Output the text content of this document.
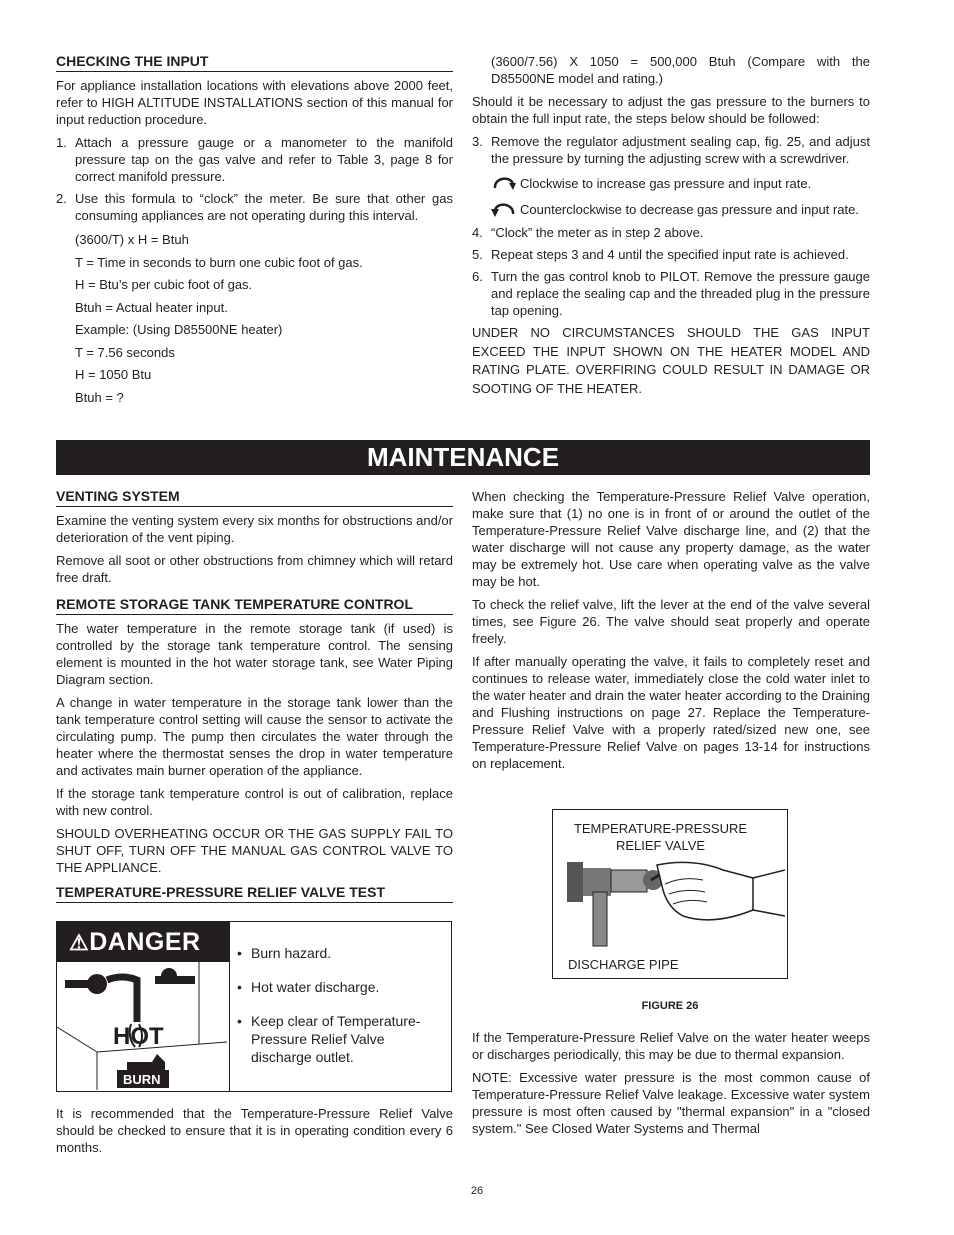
CHECKING THE INPUT

For appliance installation locations with elevations above 2000 feet, refer to HIGH ALTITUDE INSTALLATIONS section of this manual for input reduction procedure.

1. Attach a pressure gauge or a manometer to the manifold pressure tap on the gas valve and refer to Table 3, page 8 for correct manifold pressure.
2. Use this formula to “clock” the meter. Be sure that other gas consuming appliances are not operating during this interval.
(3600/T) x H = Btuh
T = Time in seconds to burn one cubic foot of gas.
H = Btu’s per cubic foot of gas.
Btuh = Actual heater input.
Example: (Using D85500NE heater)
T = 7.56 seconds
H = 1050 Btu
Btuh = ?

(3600/7.56) X 1050 = 500,000 Btuh (Compare with the D85500NE model and rating.)

Should it be necessary to adjust the gas pressure to the burners to obtain the full input rate, the steps below should be followed:

3. Remove the regulator adjustment sealing cap, fig. 25, and adjust the pressure by turning the adjusting screw with a screwdriver.
Clockwise to increase gas pressure and input rate.
Counterclockwise to decrease gas pressure and input rate.
4. “Clock” the meter as in step 2 above.
5. Repeat steps 3 and 4 until the specified input rate is achieved.
6. Turn the gas control knob to PILOT. Remove the pressure gauge and replace the sealing cap and the threaded plug in the pressure tap opening.

UNDER NO CIRCUMSTANCES SHOULD THE GAS INPUT EXCEED THE INPUT SHOWN ON THE HEATER MODEL AND RATING PLATE. OVERFIRING COULD RESULT IN DAMAGE OR SOOTING OF THE HEATER.

MAINTENANCE
VENTING SYSTEM

Examine the venting system every six months for obstructions and/or deterioration of the vent piping.

Remove all soot or other obstructions from chimney which will retard free draft.

REMOTE STORAGE TANK TEMPERATURE CONTROL

The water temperature in the remote storage tank (if used) is controlled by the storage tank temperature control. The sensing element is mounted in the hot water storage tank, see Water Piping Diagram section.

A change in water temperature in the storage tank lower than the tank temperature control setting will cause the sensor to activate the circulating pump. The pump then circulates the water through the heater where the thermostat senses the drop in water temperature and activates main burner operation of the appliance.

If the storage tank temperature control is out of calibration, replace with new control.

SHOULD OVERHEATING OCCUR OR THE GAS SUPPLY FAIL TO SHUT OFF, TURN OFF THE MANUAL GAS CONTROL VALVE TO THE APPLIANCE.

TEMPERATURE-PRESSURE RELIEF VALVE TEST
⚠DANGER
HOT
BURN
• Burn hazard.
• Hot water discharge.
• Keep clear of Temperature-Pressure Relief Valve discharge outlet.

It is recommended that the Temperature-Pressure Relief Valve should be checked to ensure that it is in operating condition every 6 months.

When checking the Temperature-Pressure Relief Valve operation, make sure that (1) no one is in front of or around the outlet of the Temperature-Pressure Relief Valve discharge line, and (2) that the water discharge will not cause any property damage, as the water may be extremely hot. Use care when operating valve as the valve may be hot.

To check the relief valve, lift the lever at the end of the valve several times, see Figure 26. The valve should seat properly and operate freely.

If after manually operating the valve, it fails to completely reset and continues to release water, immediately close the cold water inlet to the water heater and drain the water heater according to the Draining and Flushing instructions on page 27. Replace the Temperature-Pressure Relief Valve with a properly rated/sized new one, see Temperature-Pressure Relief Valve on pages 13-14 for instructions on replacement.

TEMPERATURE-PRESSURE RELIEF VALVE
DISCHARGE PIPE
FIGURE 26

If the Temperature-Pressure Relief Valve on the water heater weeps or discharges periodically, this may be due to thermal expansion.

NOTE: Excessive water pressure is the most common cause of Temperature-Pressure Relief Valve leakage. Excessive water system pressure is most often caused by "thermal expansion" in a "closed system." See Closed Water Systems and Thermal

26
